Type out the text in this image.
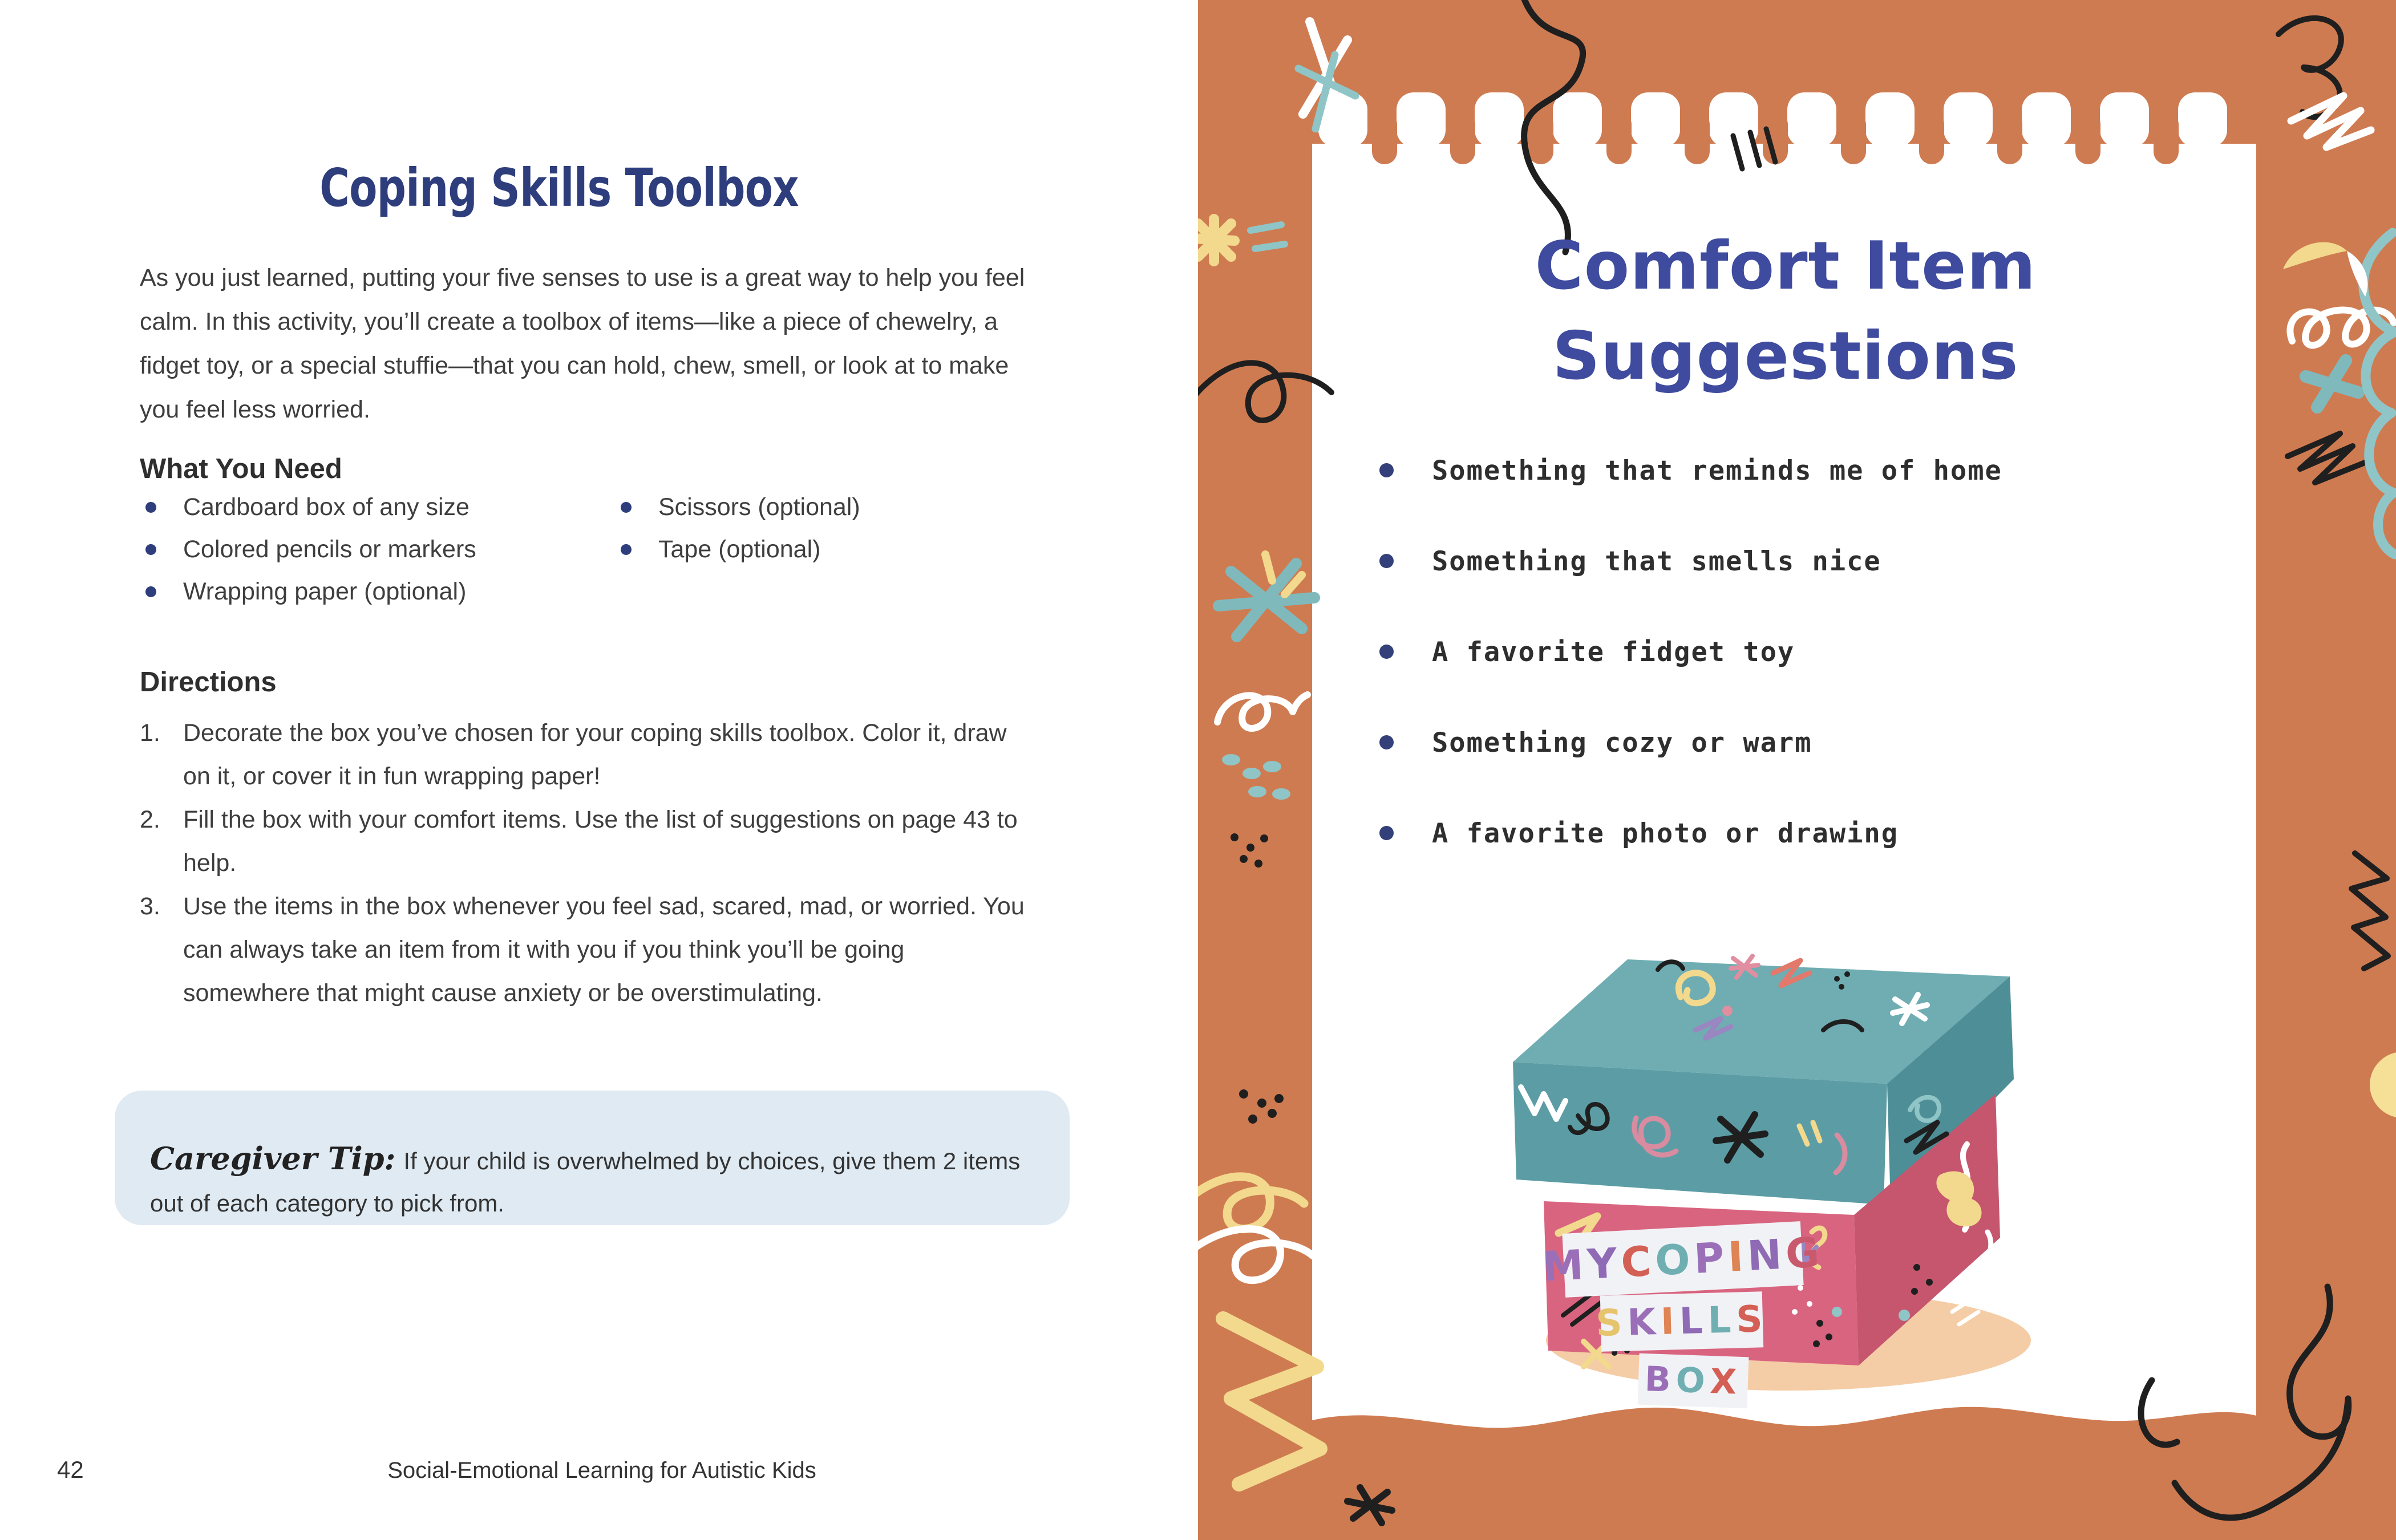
Coping Skills Toolbox

As you just learned, putting your five senses to use is a great way to help you feel calm. In this activity, you’ll create a toolbox of items—like a piece of chewelry, a fidget toy, or a special stuffie—that you can hold, chew, smell, or look at to make you feel less worried.

What You Need
Cardboard box of any size
Colored pencils or markers
Wrapping paper (optional)
Scissors (optional)
Tape (optional)
Directions
1. Decorate the box you’ve chosen for your coping skills toolbox. Color it, draw on it, or cover it in fun wrapping paper!
2. Fill the box with your comfort items. Use the list of suggestions on page 43 to help.
3. Use the items in the box whenever you feel sad, scared, mad, or worried. You can always take an item from it with you if you think you’ll be going somewhere that might cause anxiety or be overstimulating.

Caregiver Tip: If your child is overwhelmed by choices, give them 2 items out of each category to pick from.

42	Social-Emotional Learning for Autistic Kids
Comfort Item
Suggestions
Something that reminds me of home
Something that smells nice
A favorite fidget toy
Something cozy or warm
A favorite photo or drawing
M
Y
C
O
P
I
N
G
S
K
I
L
L
S
B
O
X
